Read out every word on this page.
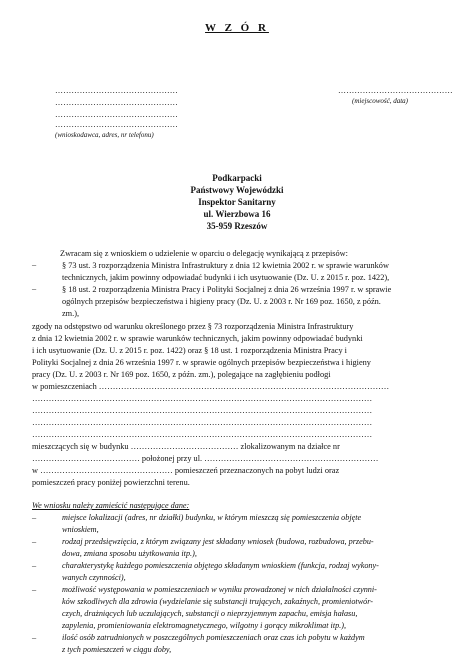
W Z Ó R
………………………………………
………………………………………
………………………………………
………………………………………
(wnioskodawca, adres, nr telefonu)
……………………………………
(miejscowość, data)
Podkarpacki
Państwowy Wojewódzki
Inspektor Sanitarny
ul. Wierzbowa 16
35-959 Rzeszów
Zwracam się z wnioskiem o udzielenie w oparciu o delegację wynikającą z przepisów:
–	§ 73 ust. 3 rozporządzenia Ministra Infrastruktury z dnia 12 kwietnia 2002 r. w sprawie warunków
technicznych, jakim powinny odpowiadać budynki i ich usytuowanie (Dz. U. z 2015 r. poz. 1422),
–	§ 18 ust. 2 rozporządzenia Ministra Pracy i Polityki Socjalnej z dnia 26 września 1997 r. w sprawie
ogólnych przepisów bezpieczeństwa i higieny pracy (Dz. U. z 2003 r. Nr 169 poz. 1650, z późn.
zm.),
zgody na odstępstwo od warunku określonego przez § 73 rozporządzenia Ministra Infrastruktury
z dnia 12 kwietnia 2002 r. w sprawie warunków technicznych, jakim powinny odpowiadać budynki
i ich usytuowanie (Dz. U. z 2015 r. poz. 1422) oraz § 18 ust. 1 rozporządzenia Ministra Pracy i
Polityki Socjalnej z dnia 26 września 1997 r. w sprawie ogólnych przepisów bezpieczeństwa i higieny
pracy (Dz. U. z 2003 r. Nr 169 poz. 1650, z późn. zm.), polegające na zagłębieniu podłogi
w pomieszczeniach ……………………………………………………………………………………………
……………………………………………………………………………………………………………
……………………………………………………………………………………………………………
……………………………………………………………………………………………………………
……………………………………………………………………………………………………………
mieszczących się w budynku ………………………………… zlokalizowanym na działce nr
………………………………… położonej przy ul. ………………………………………………………
w ………………………………………… pomieszczeń przeznaczonych na pobyt ludzi oraz
pomieszczeń pracy poniżej powierzchni terenu.
We wniosku należy zamieścić następujące dane:
–	miejsce lokalizacji (adres, nr działki) budynku, w którym mieszczą się pomieszczenia objęte
wnioskiem,
–	rodzaj przedsięwzięcia, z którym związany jest składany wniosek (budowa, rozbudowa, przebu-
dowa, zmiana sposobu użytkowania itp.),
–	charakterystykę każdego pomieszczenia objętego składanym wnioskiem (funkcja, rodzaj wykony-
wanych czynności),
–	możliwość występowania w pomieszczeniach w wyniku prowadzonej w nich działalności czynni-
ków szkodliwych dla zdrowia (wydzielanie się substancji trujących, zakaźnych, promieniotwór-
czych, drażniących lub uczulających, substancji o nieprzyjemnym zapachu, emisja hałasu,
zapylenia, promieniowania elektromagnetycznego, wilgotny i gorący mikroklimat itp.),
–	ilość osób zatrudnionych w poszczególnych pomieszczeniach oraz czas ich pobytu w każdym
z tych pomieszczeń w ciągu doby,
